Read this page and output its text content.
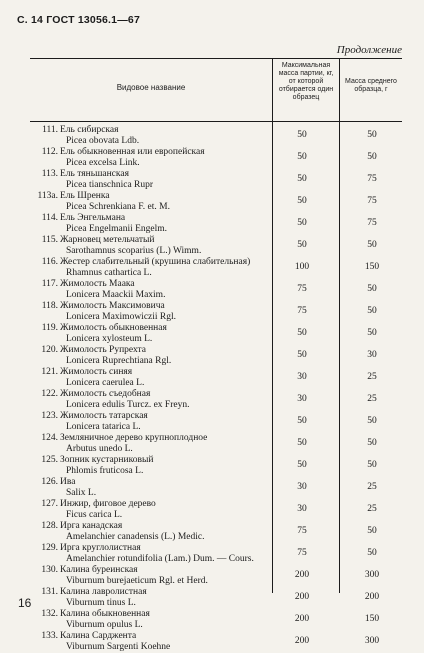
С. 14 ГОСТ 13056.1—67
Продолжение
Видовое название
Максимальная масса партии, кг, от которой отбирается один образец
Масса среднего образца, г
111. Ель сибирская
Picea obovata Ldb.
50	50
112. Ель обыкновенная или европейская
Picea excelsa Link.
50	50
113. Ель тяньшанская
Picea tianschnica Rupr
50	75
113а. Ель Шренка
Picea Schrenkiana F. et. M.
50	75
114. Ель Энгельмана
Picea Engelmanii Engelm.
50	75
115. Жарновец метельчатый
Sarothamnus scoparius (L.) Wimm.
50	50
116. Жестер слабительный (крушина слабительная)
Rhamnus cathartica L.
100	150
117. Жимолость Маака
Lonicera Maackii Maxim.
75	50
118. Жимолость Максимовича
Lonicera Maximowiczii Rgl.
75	50
119. Жимолость обыкновенная
Lonicera xylosteum L.
50	50
120. Жимолость Рупрехта
Lonicera Ruprechtiana Rgl.
50	30
121. Жимолость синяя
Lonicera caerulea L.
30	25
122. Жимолость съедобная
Lonicera edulis Turcz. ex Freyn.
30	25
123. Жимолость татарская
Lonicera tatarica L.
50	50
124. Земляничное дерево крупноплодное
Arbutus unedo L.
50	50
125. Зопник кустарниковый
Phlomis fruticosa L.
50	50
126. Ива
Salix L.
30	25
127. Инжир, фиговое дерево
Ficus carica L.
30	25
128. Ирга канадская
Amelanchier canadensis (L.) Medic.
75	50
129. Ирга круглолистная
Amelanchier rotundifolia (Lam.) Dum. — Cours.
75	50
130. Калина буреинская
Viburnum burejaeticum Rgl. et Herd.
200	300
131. Калина лавролистная
Viburnum tinus L.
200	200
132. Калина обыкновенная
Viburnum opulus L.
200	150
133. Калина Сарджента
Viburnum Sargenti Koehne
200	300
16
